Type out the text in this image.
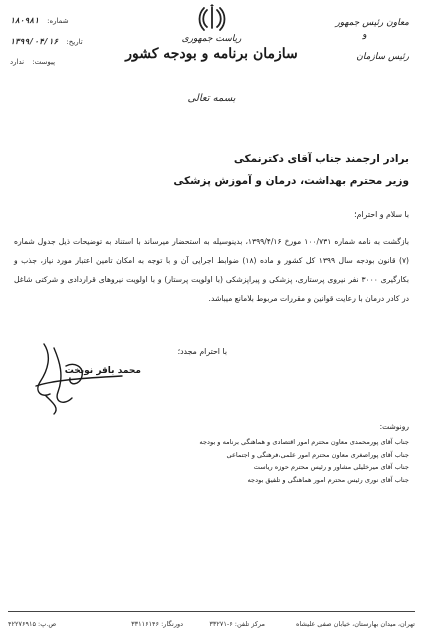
شماره: ۱۸۰۹۸۱
تاریخ: ۱۳۹۹/۰۴/۱۶
پیوست: ندارد
ریاست جمهوری
سازمان برنامه و بودجه کشور
معاون رئیس جمهور
و
رئیس سازمان
بسمه تعالی
برادر ارجمند جناب آقای دکترنمکی
وزیر محترم بهداشت، درمان و آموزش پزشکی
با سلام و احترام؛

بازگشت به نامه شماره ۱۰۰/۷۳۱ مورخ ۱۳۹۹/۴/۱۶، بدینوسیله به استحضار میرساند با استناد به توضیحات ذیل جدول شماره (۷) قانون بودجه سال ۱۳۹۹ کل کشور و ماده (۱۸) ضوابط اجرایی آن و با توجه به امکان تامین اعتبار مورد نیاز، جذب و بکارگیری ۳۰۰۰ نفر نیروی پرستاری، پزشکی و پیراپزشکی (با اولویت پرستار) و با اولویت نیروهای قراردادی و شرکتی شاغل در کادر درمان با رعایت قوانین و مقررات مربوط بلامانع میباشد.

با احترام مجدد؛
محمد باقر نوبخت
رونوشت:
جناب آقای پورمحمدی معاون محترم امور اقتصادی و هماهنگی برنامه و بودجه
جناب آقای پوراصغری معاون محترم امور علمی،فرهنگی و اجتماعی
جناب آقای میرخلیلی مشاور و رئیس محترم حوزه ریاست
جناب آقای نوری رئیس محترم امور هماهنگی و تلفیق بودجه
تهران، میدان بهارستان، خیابان صفی علیشاه
مرکز تلفن: ۶-۳۳۲۷۱
دورنگار: ۳۳۱۱۶۱۴۶
ص.پ: ۴۲۲۷۶۹۱۵
